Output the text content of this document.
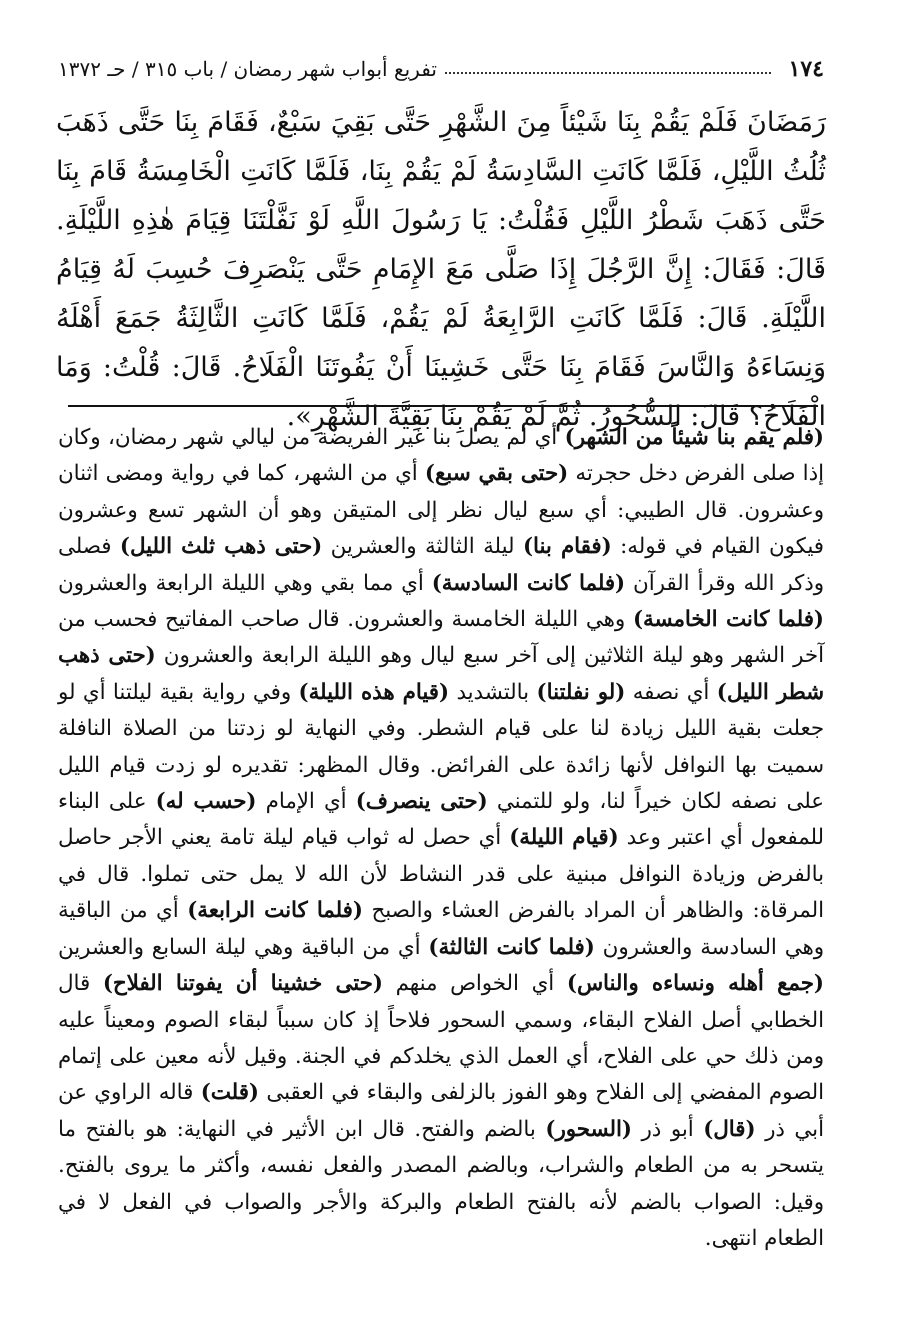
١٧٤
تفريع أبواب شهر رمضان / باب ٣١٥ / حـ ١٣٧٢

رَمَضَانَ فَلَمْ يَقُمْ بِنَا شَيْئاً مِنَ الشَّهْرِ حَتَّى بَقِيَ سَبْعٌ، فَقَامَ بِنَا حَتَّى ذَهَبَ ثُلُثُ اللَّيْلِ، فَلَمَّا كَانَتِ السَّادِسَةُ لَمْ يَقُمْ بِنَا، فَلَمَّا كَانَتِ الْخَامِسَةُ قَامَ بِنَا حَتَّى ذَهَبَ شَطْرُ اللَّيْلِ فَقُلْتُ: يَا رَسُولَ اللَّهِ لَوْ نَفَّلْتَنَا قِيَامَ هٰذِهِ اللَّيْلَةِ. قَالَ: فَقَالَ: إِنَّ الرَّجُلَ إِذَا صَلَّى مَعَ الإِمَامِ حَتَّى يَنْصَرِفَ حُسِبَ لَهُ قِيَامُ اللَّيْلَةِ. قَالَ: فَلَمَّا كَانَتِ الرَّابِعَةُ لَمْ يَقُمْ، فَلَمَّا كَانَتِ الثَّالِثَةُ جَمَعَ أَهْلَهُ وَنِسَاءَهُ وَالنَّاسَ فَقَامَ بِنَا حَتَّى خَشِينَا أَنْ يَفُوتَنَا الْفَلَاحُ. قَالَ: قُلْتُ: وَمَا الْفَلَاحُ؟ قَالَ: السُّحُورُ. ثُمَّ لَمْ يَقُمْ بِنَا بَقِيَّةَ الشَّهْرِ».

(فلم يقم بنا شيئاً من الشهر) أي لم يصل بنا غير الفريضة من ليالي شهر رمضان، وكان إذا صلى الفرض دخل حجرته (حتى بقي سبع) أي من الشهر، كما في رواية ومضى اثنان وعشرون. قال الطيبي: أي سبع ليال نظر إلى المتيقن وهو أن الشهر تسع وعشرون فيكون القيام في قوله: (فقام بنا) ليلة الثالثة والعشرين (حتى ذهب ثلث الليل) فصلى وذكر الله وقرأ القرآن (فلما كانت السادسة) أي مما بقي وهي الليلة الرابعة والعشرون (فلما كانت الخامسة) وهي الليلة الخامسة والعشرون. قال صاحب المفاتيح فحسب من آخر الشهر وهو ليلة الثلاثين إلى آخر سبع ليال وهو الليلة الرابعة والعشرون (حتى ذهب شطر الليل) أي نصفه (لو نفلتنا) بالتشديد (قيام هذه الليلة) وفي رواية بقية ليلتنا أي لو جعلت بقية الليل زيادة لنا على قيام الشطر. وفي النهاية لو زدتنا من الصلاة النافلة سميت بها النوافل لأنها زائدة على الفرائض. وقال المظهر: تقديره لو زدت قيام الليل على نصفه لكان خيراً لنا، ولو للتمني (حتى ينصرف) أي الإمام (حسب له) على البناء للمفعول أي اعتبر وعد (قيام الليلة) أي حصل له ثواب قيام ليلة تامة يعني الأجر حاصل بالفرض وزيادة النوافل مبنية على قدر النشاط لأن الله لا يمل حتى تملوا. قال في المرقاة: والظاهر أن المراد بالفرض العشاء والصبح (فلما كانت الرابعة) أي من الباقية وهي السادسة والعشرون (فلما كانت الثالثة) أي من الباقية وهي ليلة السابع والعشرين (جمع أهله ونساءه والناس) أي الخواص منهم (حتى خشينا أن يفوتنا الفلاح) قال الخطابي أصل الفلاح البقاء، وسمي السحور فلاحاً إذ كان سبباً لبقاء الصوم ومعيناً عليه ومن ذلك حي على الفلاح، أي العمل الذي يخلدكم في الجنة. وقيل لأنه معين على إتمام الصوم المفضي إلى الفلاح وهو الفوز بالزلفى والبقاء في العقبى (قلت) قاله الراوي عن أبي ذر (قال) أبو ذر (السحور) بالضم والفتح. قال ابن الأثير في النهاية: هو بالفتح ما يتسحر به من الطعام والشراب، وبالضم المصدر والفعل نفسه، وأكثر ما يروى بالفتح. وقيل: الصواب بالضم لأنه بالفتح الطعام والبركة والأجر والصواب في الفعل لا في الطعام انتهى.
